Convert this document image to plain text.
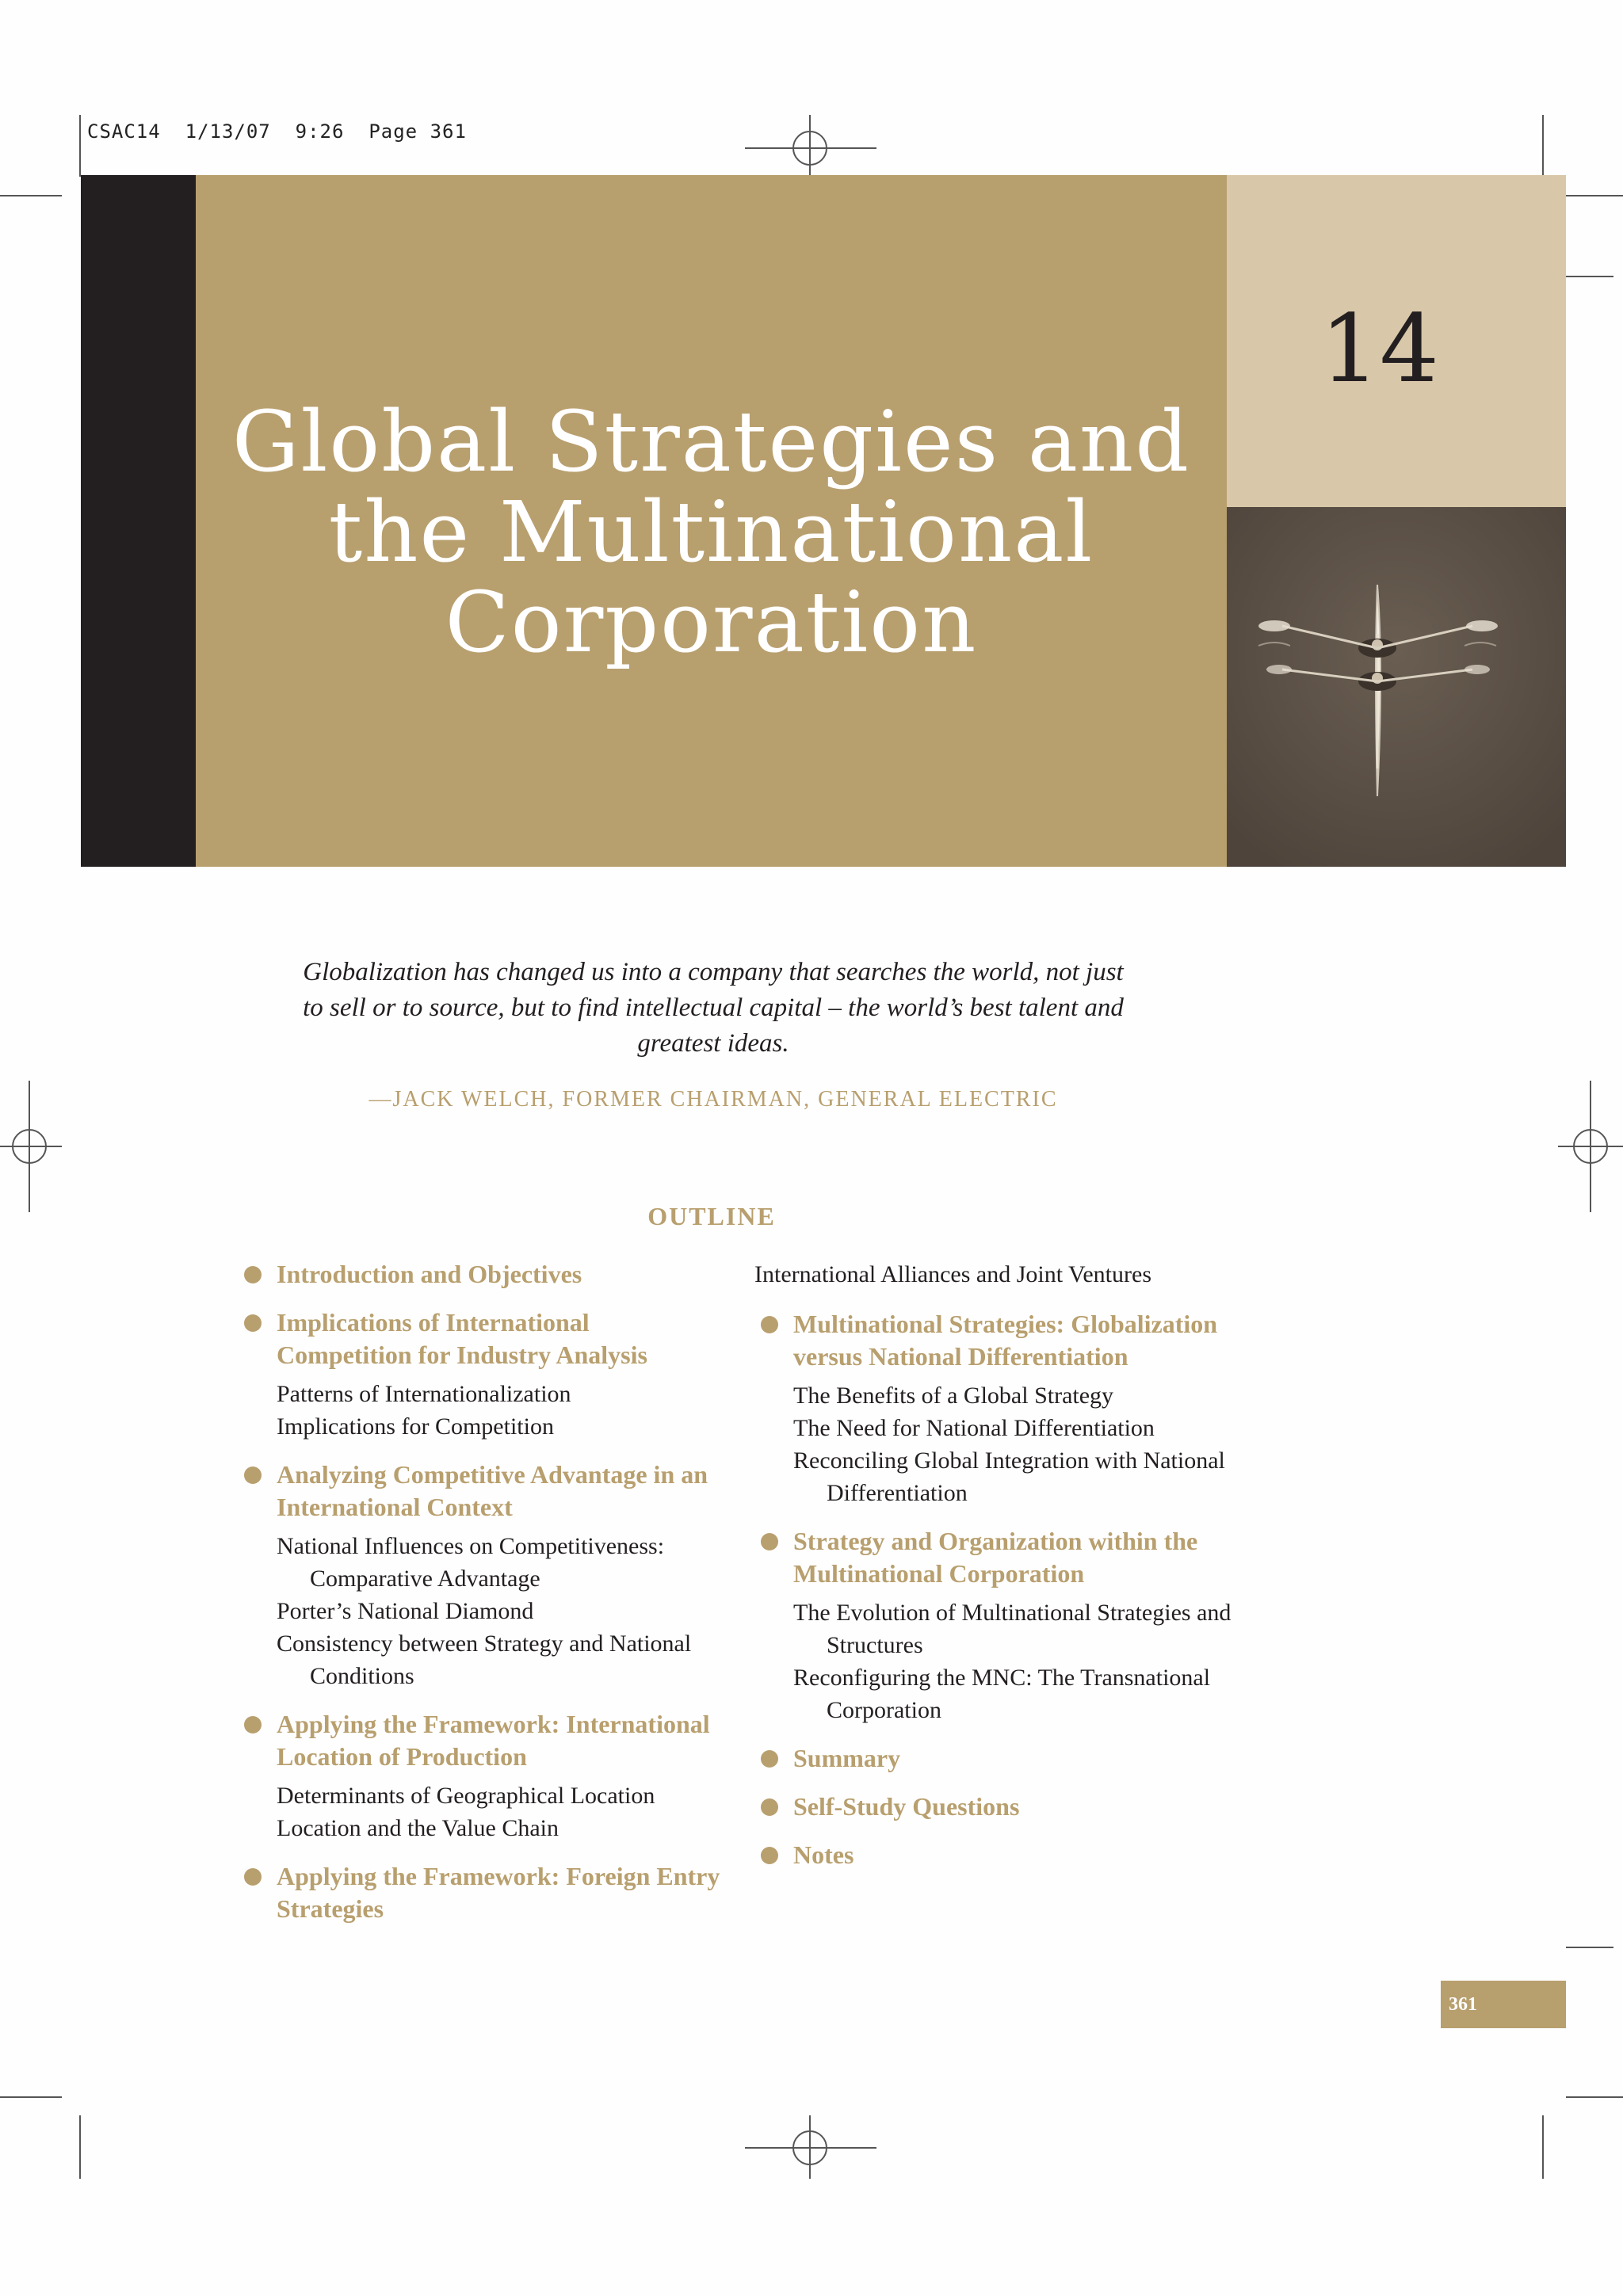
CSAC14  1/13/07  9:26  Page 361
Global Strategies and
the Multinational
Corporation
14
Globalization has changed us into a company that searches the world, not just
to sell or to source, but to find intellectual capital – the world’s best talent and
greatest ideas.
—JACK WELCH, FORMER CHAIRMAN, GENERAL ELECTRIC
OUTLINE
Introduction and Objectives
Implications of International Competition for Industry Analysis
Patterns of Internationalization
Implications for Competition
Analyzing Competitive Advantage in an International Context
National Influences on Competitiveness: Comparative Advantage
Porter’s National Diamond
Consistency between Strategy and National Conditions
Applying the Framework: International Location of Production
Determinants of Geographical Location
Location and the Value Chain
Applying the Framework: Foreign Entry Strategies
International Alliances and Joint Ventures
Multinational Strategies: Globalization versus National Differentiation
The Benefits of a Global Strategy
The Need for National Differentiation
Reconciling Global Integration with National Differentiation
Strategy and Organization within the Multinational Corporation
The Evolution of Multinational Strategies and Structures
Reconfiguring the MNC: The Transnational Corporation
Summary
Self-Study Questions
Notes
361
